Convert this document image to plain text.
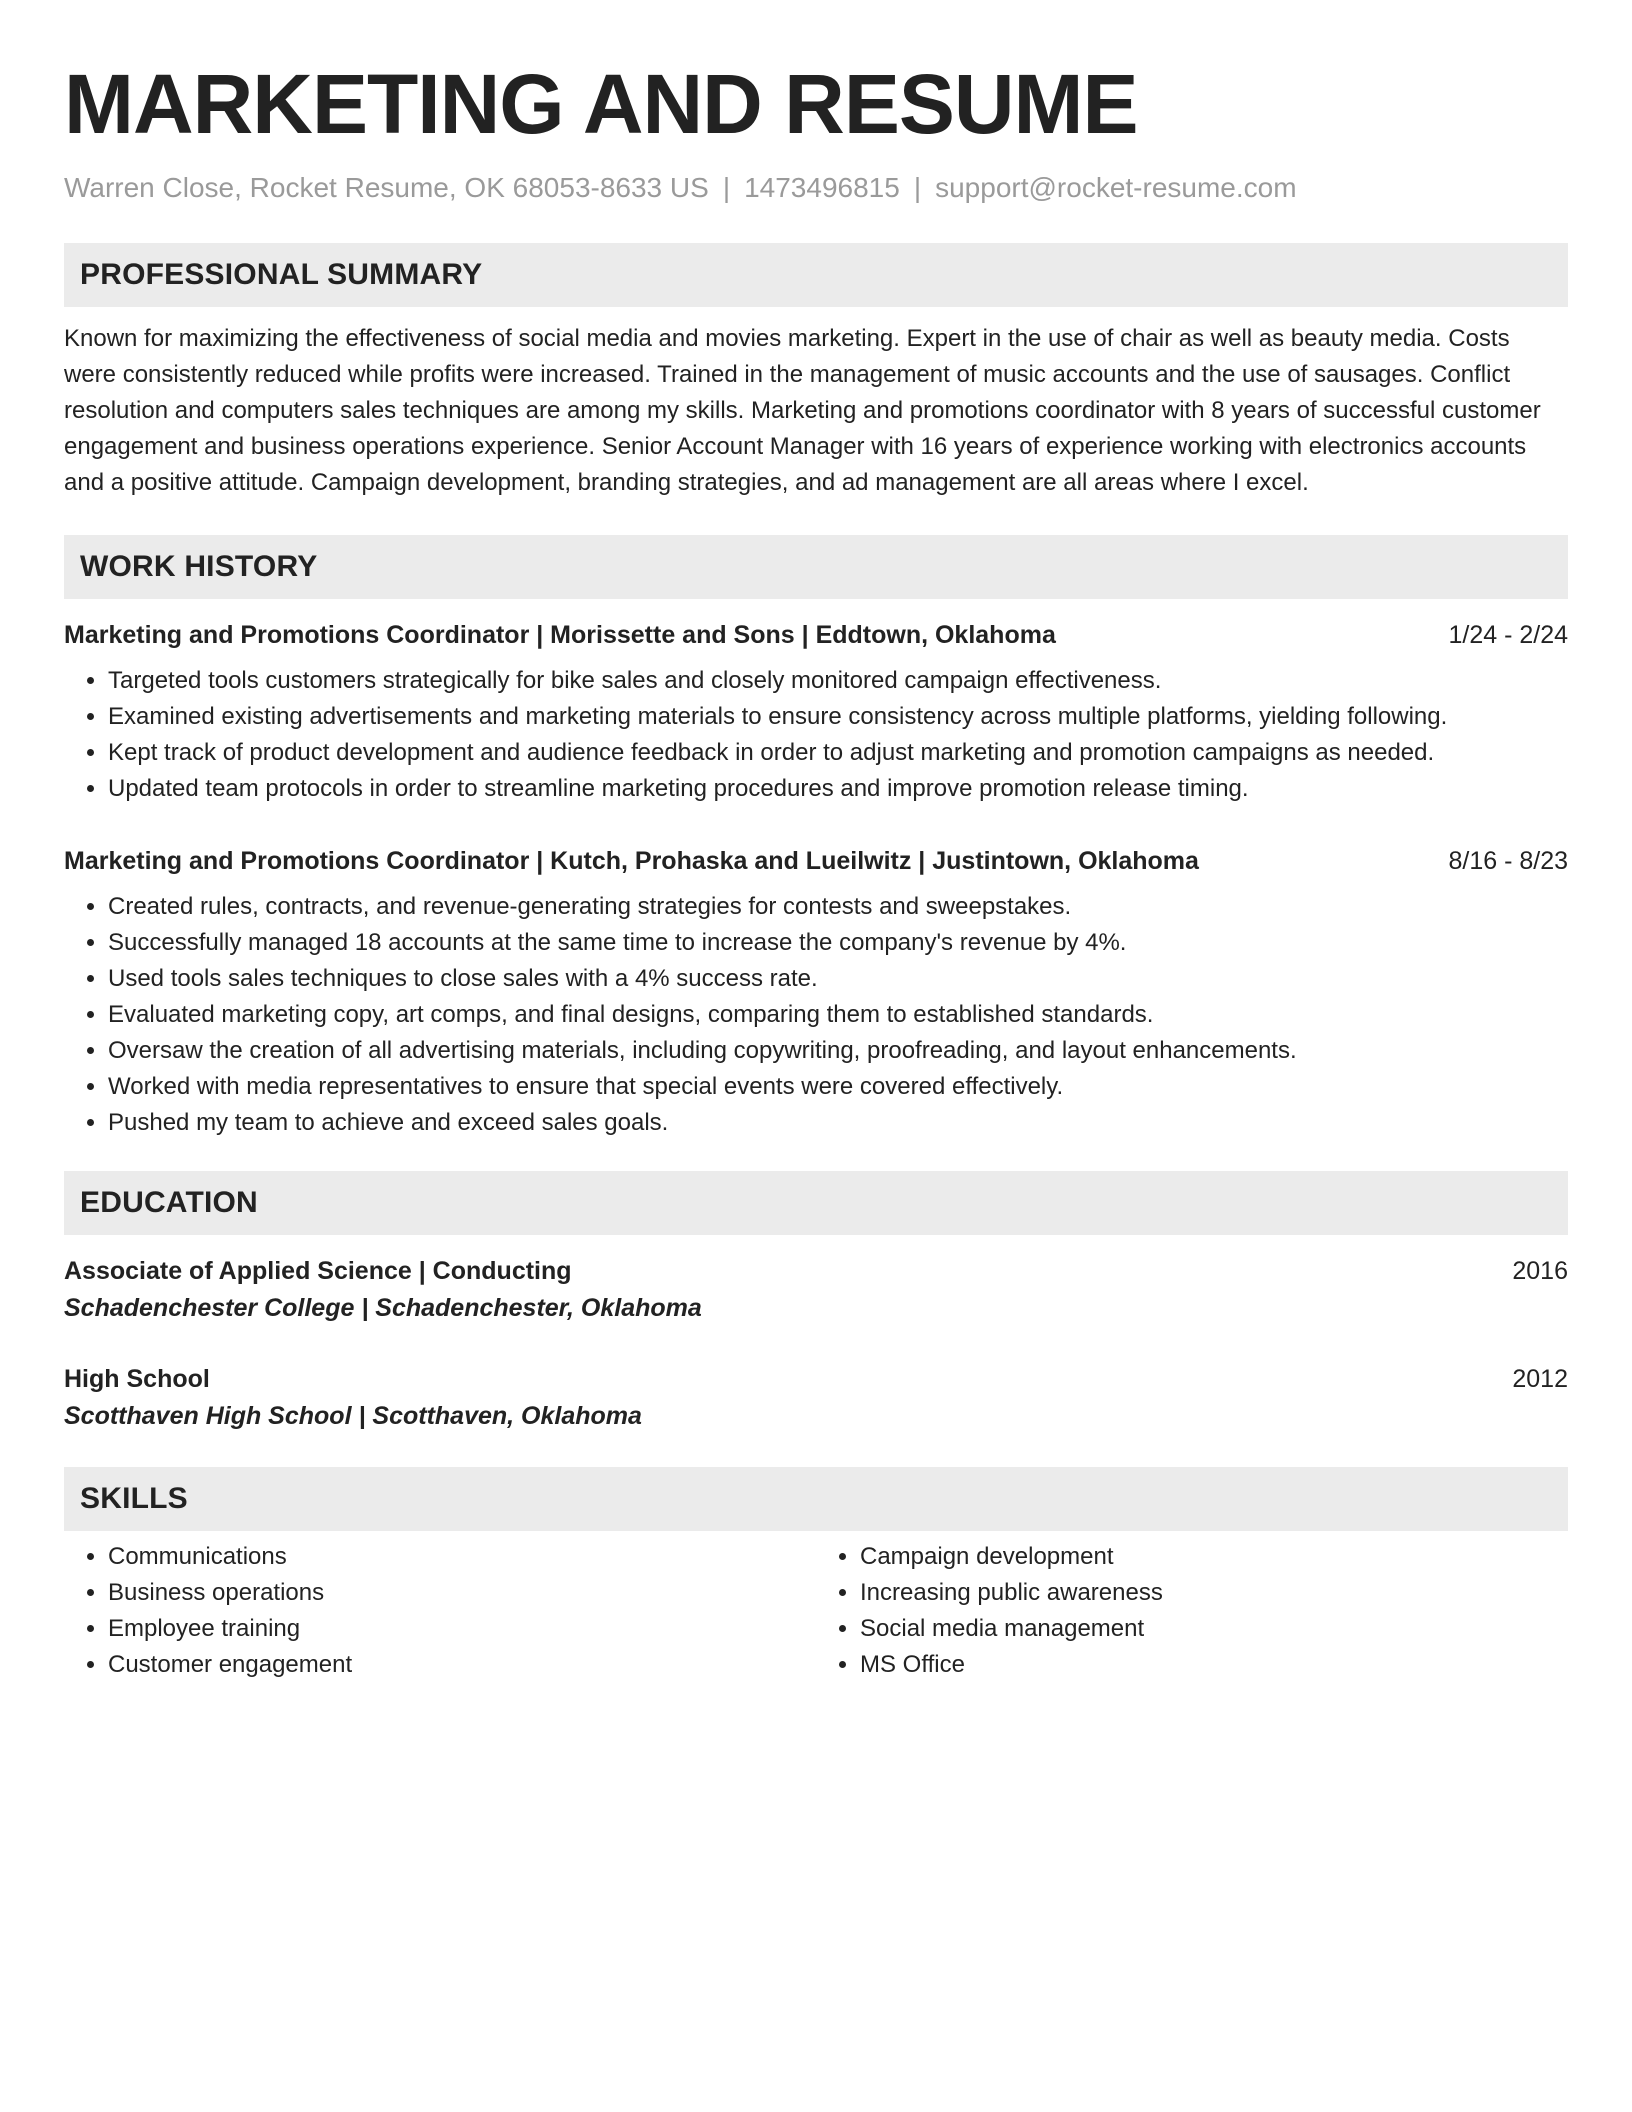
MARKETING AND RESUME
Warren Close, Rocket Resume, OK 68053-8633 US | 1473496815 | support@rocket-resume.com
PROFESSIONAL SUMMARY
Known for maximizing the effectiveness of social media and movies marketing. Expert in the use of chair as well as beauty media. Costs were consistently reduced while profits were increased. Trained in the management of music accounts and the use of sausages. Conflict resolution and computers sales techniques are among my skills. Marketing and promotions coordinator with 8 years of successful customer engagement and business operations experience. Senior Account Manager with 16 years of experience working with electronics accounts and a positive attitude. Campaign development, branding strategies, and ad management are all areas where I excel.
WORK HISTORY
Marketing and Promotions Coordinator | Morissette and Sons | Eddtown, Oklahoma	1/24 - 2/24
• Targeted tools customers strategically for bike sales and closely monitored campaign effectiveness.
• Examined existing advertisements and marketing materials to ensure consistency across multiple platforms, yielding following.
• Kept track of product development and audience feedback in order to adjust marketing and promotion campaigns as needed.
• Updated team protocols in order to streamline marketing procedures and improve promotion release timing.
Marketing and Promotions Coordinator | Kutch, Prohaska and Lueilwitz | Justintown, Oklahoma	8/16 - 8/23
• Created rules, contracts, and revenue-generating strategies for contests and sweepstakes.
• Successfully managed 18 accounts at the same time to increase the company's revenue by 4%.
• Used tools sales techniques to close sales with a 4% success rate.
• Evaluated marketing copy, art comps, and final designs, comparing them to established standards.
• Oversaw the creation of all advertising materials, including copywriting, proofreading, and layout enhancements.
• Worked with media representatives to ensure that special events were covered effectively.
• Pushed my team to achieve and exceed sales goals.
EDUCATION
Associate of Applied Science | Conducting	2016
Schadenchester College | Schadenchester, Oklahoma
High School	2012
Scotthaven High School | Scotthaven, Oklahoma
SKILLS
• Communications
• Business operations
• Employee training
• Customer engagement
• Campaign development
• Increasing public awareness
• Social media management
• MS Office
